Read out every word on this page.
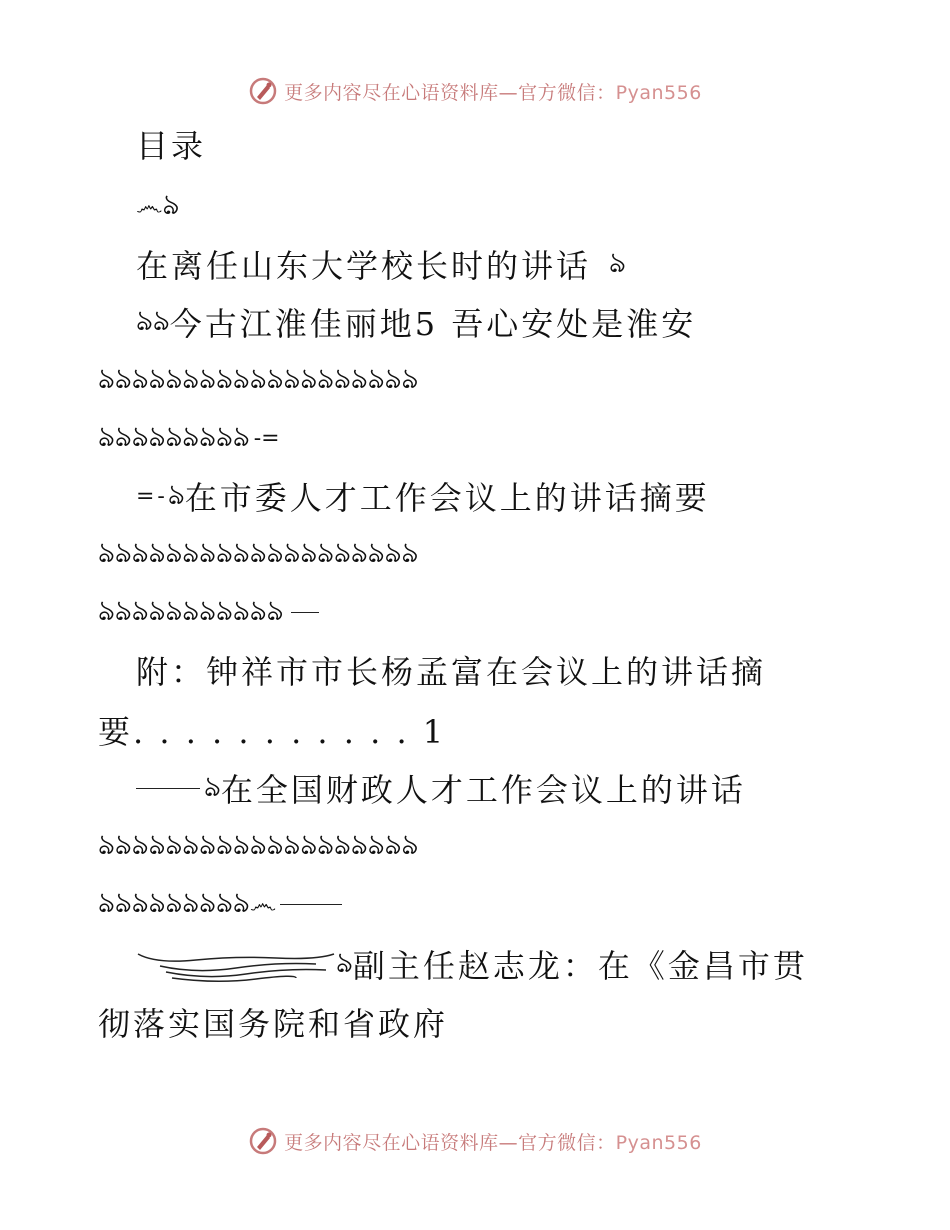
更多内容尽在心语资料库—官方微信：Pyan556
目录
෴ ঌ
在离任山东大学校长时的讲话 ঌ
ঌ ঌ 今古江淮佳丽地5 吾心安处是淮安
ঌ ঌ ঌ ঌ ঌ ঌ ঌ ঌ ঌ ঌ ঌ ঌ ঌ ঌ ঌ ঌ ঌ ঌ ঌ
ঌঌঌঌঌঌঌঌঌ -=
=- ঌ 在市委人才工作会议上的讲话摘要
ঌ ঌ ঌ ঌ ঌ ঌ ঌ ঌ ঌ ঌ ঌ ঌ ঌ ঌ ঌ ঌ ঌ ঌ ঌ
ঌঌঌঌঌঌঌঌঌঌঌ
附：钟祥市市长杨孟富在会议上的讲话摘
要. . . . . . . . . . . 1
ঌ 在全国财政人才工作会议上的讲话
ঌ ঌ ঌ ঌ ঌ ঌ ঌ ঌ ঌ ঌ ঌ ঌ ঌ ঌ ঌ ঌ ঌ ঌ ঌ
ঌঌঌঌঌঌঌঌঌ ෴
ঌ 副主任赵志龙：在《金昌市贯
彻落实国务院和省政府
更多内容尽在心语资料库—官方微信：Pyan556
